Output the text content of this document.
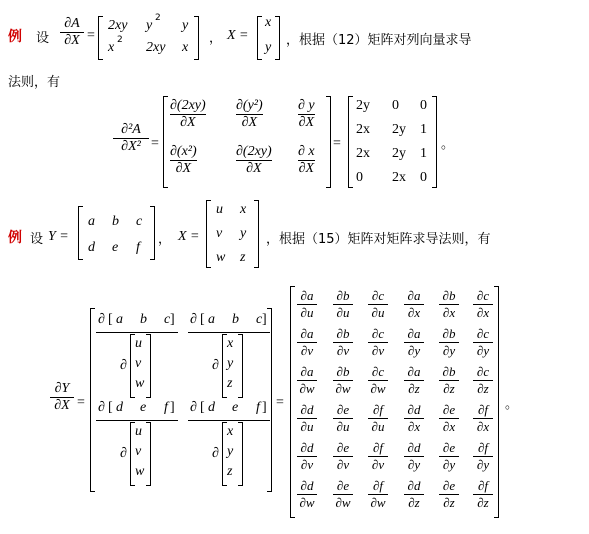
例 设
∂A
∂X =
2xy y 2 y
x 2 2xy x
， X =
x
y ，根据（12）矩阵对列向量求导
法则，有
∂²A
∂X² =
∂(2xy)
∂X
∂(y²)
∂X
∂ y
∂X
∂(x²)
∂X
∂(2xy)
∂X
∂ x
∂X
=
2y 0 0
2x 2y 1
2x 2y 1
0 2x 0
。
例 设 Y =
a b c
d e f
， X =
u x
v y
w z
，根据（15）矩阵对矩阵求导法则，有
∂Y
∂X =
∂ [ a b c ]
∂
u
v
w
∂ [ a b c ]
∂
x
y
z
∂ [ d e f ]
∂
u
v
w
∂ [ d e f ]
∂
x
y
z
=
∂a
∂u
∂b
∂u
∂c
∂u
∂a
∂x
∂b
∂x
∂c
∂x
∂a
∂v
∂b
∂v
∂c
∂v
∂a
∂y
∂b
∂y
∂c
∂y
∂a
∂w
∂b
∂w
∂c
∂w
∂a
∂z
∂b
∂z
∂c
∂z
∂d
∂u
∂e
∂u
∂f
∂u
∂d
∂x
∂e
∂x
∂f
∂x
∂d
∂v
∂e
∂v
∂f
∂v
∂d
∂y
∂e
∂y
∂f
∂y
∂d
∂w
∂e
∂w
∂f
∂w
∂d
∂z
∂e
∂z
∂f
∂z
。
